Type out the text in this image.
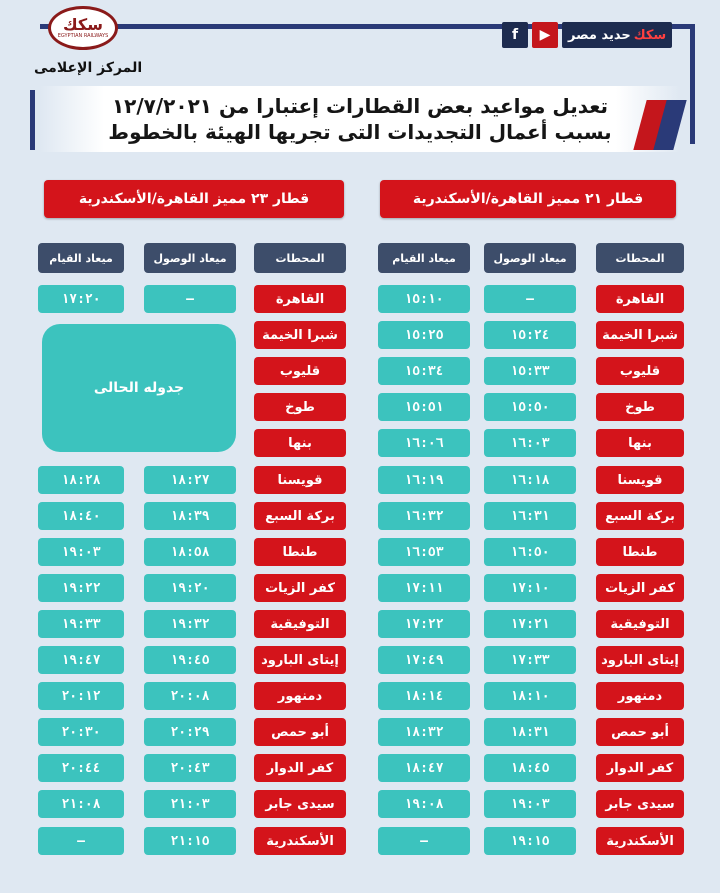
سكك
EGYPTIAN RAILWAYS
المركز الإعلامى
f	▶	حديد مصر سكك
تعديل مواعيد بعض القطارات إعتبارا من ١٢/٧/٢٠٢١
بسبب أعمال التجديدات التى تجريها الهيئة بالخطوط
قطار ٢١ مميز القاهرة/الأسكندرية
قطار ٢٣ مميز القاهرة/الأسكندرية
المحطات
ميعاد الوصول
ميعاد القيام
المحطات
ميعاد الوصول
ميعاد القيام
القاهرة
—
١٥:١٠
شبرا الخيمة
١٥:٢٤
١٥:٢٥
قليوب
١٥:٣٣
١٥:٣٤
طوخ
١٥:٥٠
١٥:٥١
بنها
١٦:٠٣
١٦:٠٦
قويسنا
١٦:١٨
١٦:١٩
بركة السبع
١٦:٣١
١٦:٣٢
طنطا
١٦:٥٠
١٦:٥٣
كفر الزيات
١٧:١٠
١٧:١١
التوفيقية
١٧:٢١
١٧:٢٢
إيتاى البارود
١٧:٣٣
١٧:٤٩
دمنهور
١٨:١٠
١٨:١٤
أبو حمص
١٨:٣١
١٨:٣٢
كفر الدوار
١٨:٤٥
١٨:٤٧
سيدى جابر
١٩:٠٣
١٩:٠٨
الأسكندرية
١٩:١٥
—
القاهرة
—
١٧:٢٠
شبرا الخيمة
قليوب
طوخ
بنها
قويسنا
١٨:٢٧
١٨:٢٨
بركة السبع
١٨:٣٩
١٨:٤٠
طنطا
١٨:٥٨
١٩:٠٣
كفر الزيات
١٩:٢٠
١٩:٢٢
التوفيقية
١٩:٣٢
١٩:٣٣
إيتاى البارود
١٩:٤٥
١٩:٤٧
دمنهور
٢٠:٠٨
٢٠:١٢
أبو حمص
٢٠:٢٩
٢٠:٣٠
كفر الدوار
٢٠:٤٣
٢٠:٤٤
سيدى جابر
٢١:٠٣
٢١:٠٨
الأسكندرية
٢١:١٥
—
جدوله الحالى
